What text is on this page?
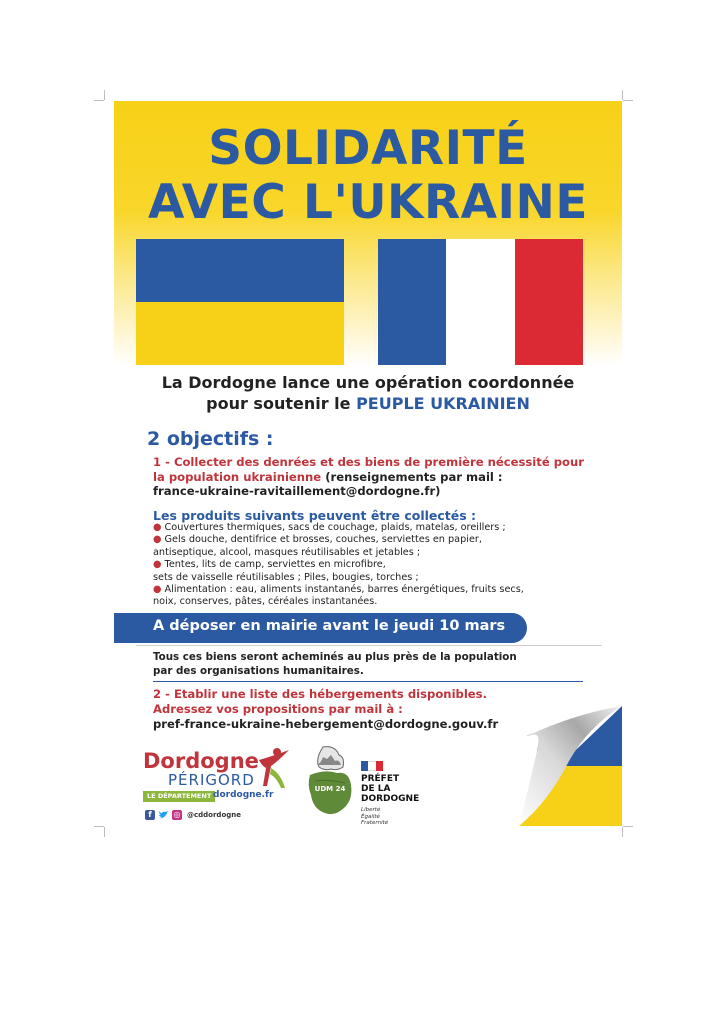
SOLIDARITÉ
AVEC L'UKRAINE
La Dordogne lance une opération coordonnée
pour soutenir le PEUPLE UKRAINIEN
2 objectifs :
1 - Collecter des denrées et des biens de première nécessité pour la population ukrainienne (renseignements par mail :
france-ukraine-ravitaillement@dordogne.fr)
Les produits suivants peuvent être collectés :
● Couvertures thermiques, sacs de couchage, plaids, matelas, oreillers ;
● Gels douche, dentifrice et brosses, couches, serviettes en papier,
antiseptique, alcool, masques réutilisables et jetables ;
● Tentes, lits de camp, serviettes en microfibre,
sets de vaisselle réutilisables ; Piles, bougies, torches ;
● Alimentation : eau, aliments instantanés, barres énergétiques, fruits secs,
noix, conserves, pâtes, céréales instantanées.
A déposer en mairie avant le jeudi 10 mars
Tous ces biens seront acheminés au plus près de la population
par des organisations humanitaires.
2 - Etablir une liste des hébergements disponibles.
Adressez vos propositions par mail à :
pref-france-ukraine-hebergement@dordogne.gouv.fr
Dordogne
PÉRIGORD
LE DÉPARTEMENT dordogne.fr
f	◎ @cddordogne
UDM 24
PRÉFET
DE LA
DORDOGNE
Liberté
Égalité
Fraternité
